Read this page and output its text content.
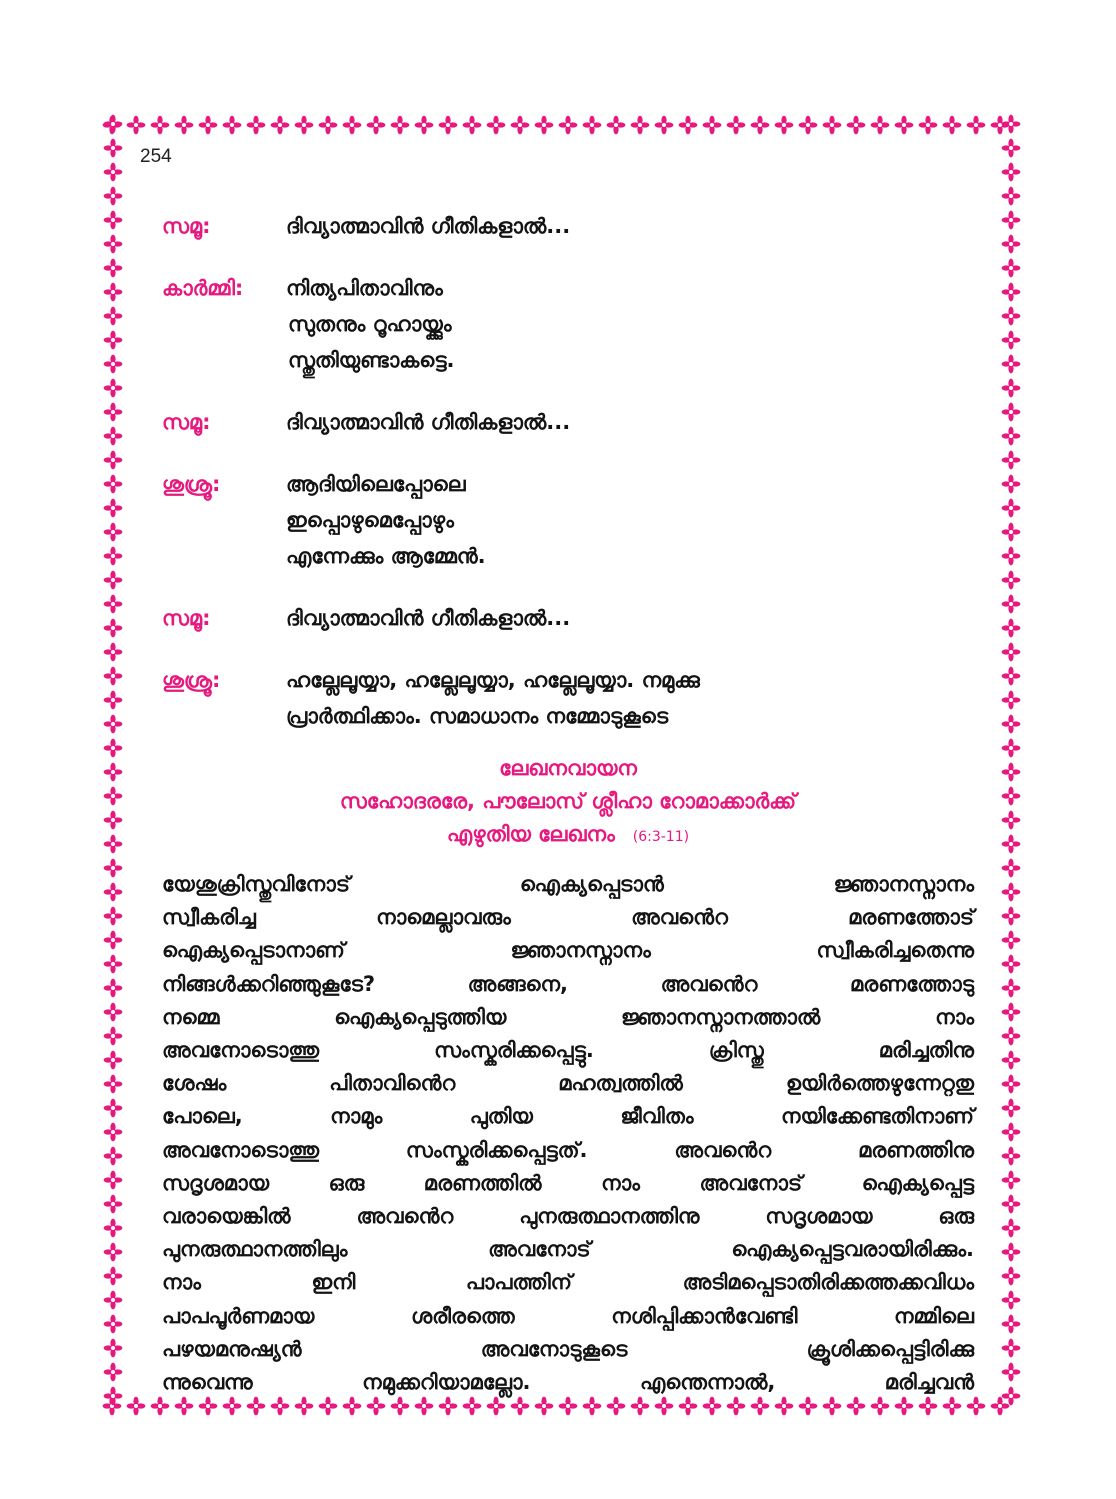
254
സമൂ:	ദിവ്യാത്മാവിൻ ഗീതികളാൽ...
കാർമ്മി:	നിത്യപിതാവിനും
സുതനും റൂഹായ്ക്കും
സ്തുതിയുണ്ടാകട്ടെ.
സമൂ:	ദിവ്യാത്മാവിൻ ഗീതികളാൽ...
ശുശ്രൂ:	ആദിയിലെപ്പോലെ
ഇപ്പൊഴുമെപ്പോഴും
എന്നേക്കും ആമ്മേൻ.
സമൂ:	ദിവ്യാത്മാവിൻ ഗീതികളാൽ...
ശുശ്രൂ:	ഹല്ലേലൂയ്യാ, ഹല്ലേലൂയ്യാ, ഹല്ലേലൂയ്യാ. നമുക്കു
പ്രാർത്ഥിക്കാം. സമാധാനം നമ്മോടുകൂടെ
ലേഖനവായന
സഹോദരരേ, പൗലോസ് ശ്ലീഹാ റോമാക്കാർക്ക്
എഴുതിയ ലേഖനം (6:3-11)
യേശുക്രിസ്തുവിനോട് ഐക്യപ്പെടാൻ ജ്ഞാനസ്നാനം
സ്വീകരിച്ച നാമെല്ലാവരും അവൻെറ മരണത്തോട്
ഐക്യപ്പെടാനാണ് ജ്ഞാനസ്നാനം സ്വീകരിച്ചതെന്നു
നിങ്ങൾക്കറിഞ്ഞുകൂടേ? അങ്ങനെ, അവൻെറ മരണത്തോടു
നമ്മെ ഐക്യപ്പെടുത്തിയ ജ്ഞാനസ്നാനത്താൽ നാം
അവനോടൊത്തു സംസ്കരിക്കപ്പെട്ടു. ക്രിസ്തു മരിച്ചതിനു
ശേഷം പിതാവിൻെറ മഹത്വത്തിൽ ഉയിർത്തെഴുന്നേറ്റതു
പോലെ, നാമും പുതിയ ജീവിതം നയിക്കേണ്ടതിനാണ്
അവനോടൊത്തു സംസ്കരിക്കപ്പെട്ടത്. അവൻെറ മരണത്തിനു
സദൃശമായ ഒരു മരണത്തിൽ നാം അവനോട് ഐക്യപ്പെട്ട
വരായെങ്കിൽ അവൻെറ പുനരുത്ഥാനത്തിനു സദൃശമായ ഒരു
പുനരുത്ഥാനത്തിലും അവനോട് ഐക്യപ്പെട്ടവരായിരിക്കും.
നാം ഇനി പാപത്തിന് അടിമപ്പെടാതിരിക്കത്തക്കവിധം
പാപപൂർണമായ ശരീരത്തെ നശിപ്പിക്കാൻവേണ്ടി നമ്മിലെ
പഴയമനുഷ്യൻ അവനോടുകൂടെ ക്രൂശിക്കപ്പെട്ടിരിക്കു
ന്നുവെന്നു നമുക്കറിയാമല്ലോ. എന്തെന്നാൽ, മരിച്ചവൻ
